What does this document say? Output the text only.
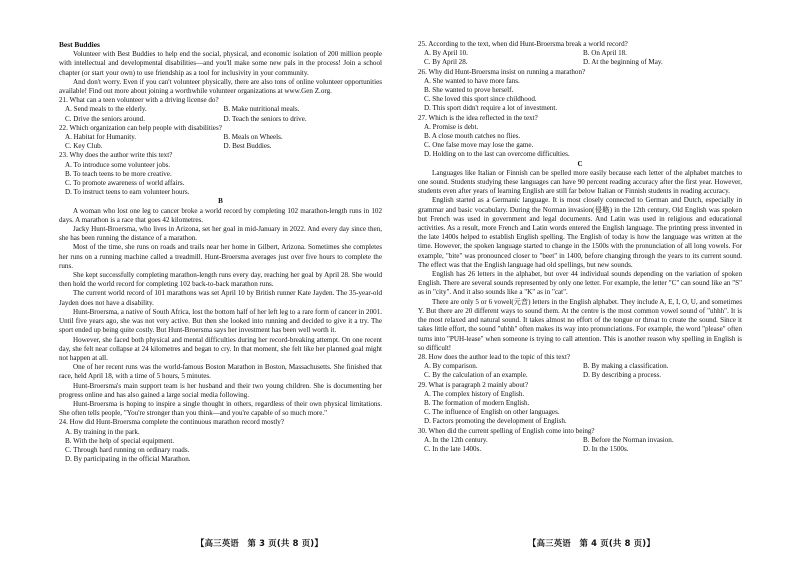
Best Buddies

Volunteer with Best Buddies to help end the social, physical, and economic isolation of 200 million people with intellectual and developmental disabilities—and you'll make some new pals in the process! Join a school chapter (or start your own) to use friendship as a tool for inclusivity in your community.

And don't worry. Even if you can't volunteer physically, there are also tons of online volunteer opportunities available! Find out more about joining a worthwhile volunteer organizations at www.Gen Z.org.

21. What can a teen volunteer with a driving license do?

A. Send meals to the elderly.	B. Make nutritional meals.
C. Drive the seniors around.	D. Teach the seniors to drive.

22. Which organization can help people with disabilities?

A. Habitat for Humanity.	B. Meals on Wheels.
C. Key Club.	D. Best Buddies.

23. Why does the author write this text?

A. To introduce some volunteer jobs.
B. To teach teens to be more creative.
C. To promote awareness of world affairs.
D. To instruct teens to earn volunteer hours.

B

A woman who lost one leg to cancer broke a world record by completing 102 marathon-length runs in 102 days. A marathon is a race that goes 42 kilometres.

Jacky Hunt-Broersma, who lives in Arizona, set her goal in mid-January in 2022. And every day since then, she has been running the distance of a marathon.

Most of the time, she runs on roads and trails near her home in Gilbert, Arizona. Sometimes she completes her runs on a running machine called a treadmill. Hunt-Broersma averages just over five hours to complete the runs.

She kept successfully completing marathon-length runs every day, reaching her goal by April 28. She would then hold the world record for completing 102 back-to-back marathon runs.

The current world record of 101 marathons was set April 10 by British runner Kate Jayden. The 35-year-old Jayden does not have a disability.

Hunt-Broersma, a native of South Africa, lost the bottom half of her left leg to a rare form of cancer in 2001. Until five years ago, she was not very active. But then she looked into running and decided to give it a try. The sport ended up being quite costly. But Hunt-Broersma says her investment has been well worth it.

However, she faced both physical and mental difficulties during her record-breaking attempt. On one recent day, she felt near collapse at 24 kilometres and began to cry. In that moment, she felt like her planned goal might not happen at all.

One of her recent runs was the world-famous Boston Marathon in Boston, Massachusetts. She finished that race, held April 18, with a time of 5 hours, 5 minutes.

Hunt-Broersma's main support team is her husband and their two young children. She is documenting her progress online and has also gained a large social media following.

Hunt-Broersma is hoping to inspire a single thought in others, regardless of their own physical limitations. She often tells people, "You're stronger than you think—and you're capable of so much more."

24. How did Hunt-Broersma complete the continuous marathon record mostly?

A. By training in the park.
B. With the help of special equipment.
C. Through hard running on ordinary roads.
D. By participating in the official Marathon.

25. According to the text, when did Hunt-Broersma break a world record?

A. By April 10.	B. On April 18.
C. By April 28.	D. At the beginning of May.

26. Why did Hunt-Broersma insist on running a marathon?

A. She wanted to have more fans.
B. She wanted to prove herself.
C. She loved this sport since childhood.
D. This sport didn't require a lot of investment.

27. Which is the idea reflected in the text?

A. Promise is debt.
B. A close mouth catches no flies.
C. One false move may lose the game.
D. Holding on to the last can overcome difficulties.

C

Languages like Italian or Finnish can be spelled more easily because each letter of the alphabet matches to one sound. Students studying these languages can have 90 percent reading accuracy after the first year. However, students even after years of learning English are still far below Italian or Finnish students in reading accuracy.

English started as a Germanic language. It is most closely connected to German and Dutch, especially in grammar and basic vocabulary. During the Norman invasion(侵略) in the 12th century, Old English was spoken but French was used in government and legal documents. And Latin was used in religious and educational activities. As a result, more French and Latin words entered the English language. The printing press invented in the late 1400s helped to establish English spelling. The English of today is how the language was written at the time. However, the spoken language started to change in the 1500s with the pronunciation of all long vowels. For example, "bite" was pronounced closer to "beet" in 1400, before changing through the years to its current sound. The effect was that the English language had old spellings, but new sounds.

English has 26 letters in the alphabet, but over 44 individual sounds depending on the variation of spoken English. There are several sounds represented by only one letter. For example, the letter "C" can sound like an "S" as in "city". And it also sounds like a "K" as in "cat".

There are only 5 or 6 vowel(元音) letters in the English alphabet. They include A, E, I, O, U, and sometimes Y. But there are 20 different ways to sound them. At the centre is the most common vowel sound of "uhhh". It is the most relaxed and natural sound. It takes almost no effort of the tongue or throat to create the sound. Since it takes little effort, the sound "uhhh" often makes its way into pronunciations. For example, the word "please" often turns into "PUH-lease" when someone is trying to call attention. This is another reason why spelling in English is so difficult!

28. How does the author lead to the topic of this text?

A. By comparison.	B. By making a classification.
C. By the calculation of an example.	D. By describing a process.

29. What is paragraph 2 mainly about?

A. The complex history of English.
B. The formation of modern English.
C. The influence of English on other languages.
D. Factors promoting the development of English.

30. When did the current spelling of English come into being?

A. In the 12th century.	B. Before the Norman invasion.
C. In the late 1400s.	D. In the 1500s.
【高三英语　第 3 页(共 8 页)】	【高三英语　第 4 页(共 8 页)】
